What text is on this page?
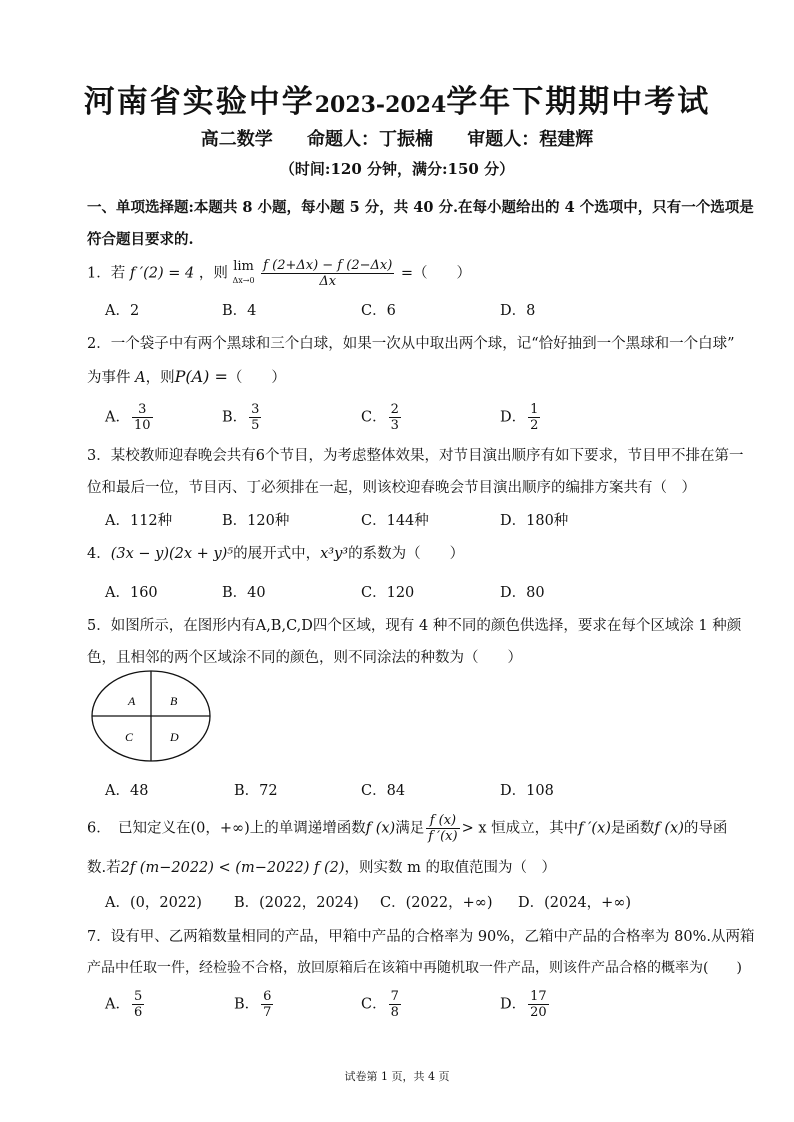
河南省实验中学2023-2024学年下期期中考试
高二数学 命题人：丁振楠 审题人：程建辉
（时间:120 分钟，满分:150 分）
一、单项选择题:本题共 8 小题，每小题 5 分，共 40 分.在每小题给出的 4 个选项中，只有一个选项是
符合题目要求的.
1．若 f ′(2) = 4 ，则 lim
Δx→0
$\frac{f (2+\Delta x) - f (2-\Delta x)}{\Delta x}$ =（　　）
A．2	B．4	C．6	D．8
2．一个袋子中有两个黑球和三个白球，如果一次从中取出两个球，记“恰好抽到一个黑球和一个白球”
为事件 A，则P(A) =（　　）
A． $\frac{3}{10}$	B． $\frac{3}{5}$	C． $\frac{2}{3}$	D． $\frac{1}{2}$
3．某校教师迎春晚会共有6个节目，为考虑整体效果，对节目演出顺序有如下要求，节目甲不排在第一
位和最后一位，节目丙、丁必须排在一起，则该校迎春晚会节目演出顺序的编排方案共有（　）
A．112种	B．120种	C．144种	D．180种
4．(3x − y)(2x + y)⁵的展开式中，x³y³的系数为（　　）
A．160	B．40	C．120	D．80
5．如图所示，在图形内有A,B,C,D四个区域，现有 4 种不同的颜色供选择，要求在每个区域涂 1 种颜
色，且相邻的两个区域涂不同的颜色，则不同涂法的种数为（　　）
A	B
C	D
A．48	B．72	C．84	D．108
6．　已知定义在(0，+∞)上的单调递增函数f (x)满足 $\frac{f (x)}{f '(x)} > x$ 恒成立，其中f ′(x)是函数f (x)的导函
数.若2f (m−2022) < (m−2022) f (2)，则实数 m 的取值范围为（　）
A．(0，2022) B．(2022，2024) C．(2022，+∞) D．(2024，+∞)
7．设有甲、乙两箱数量相同的产品，甲箱中产品的合格率为 90%，乙箱中产品的合格率为 80%.从两箱
产品中任取一件，经检验不合格，放回原箱后在该箱中再随机取一件产品，则该件产品合格的概率为(　　)
A． $\frac{5}{6}$	B． $\frac{6}{7}$	C． $\frac{7}{8}$	D． $\frac{17}{20}$
试卷第 1 页，共 4 页
